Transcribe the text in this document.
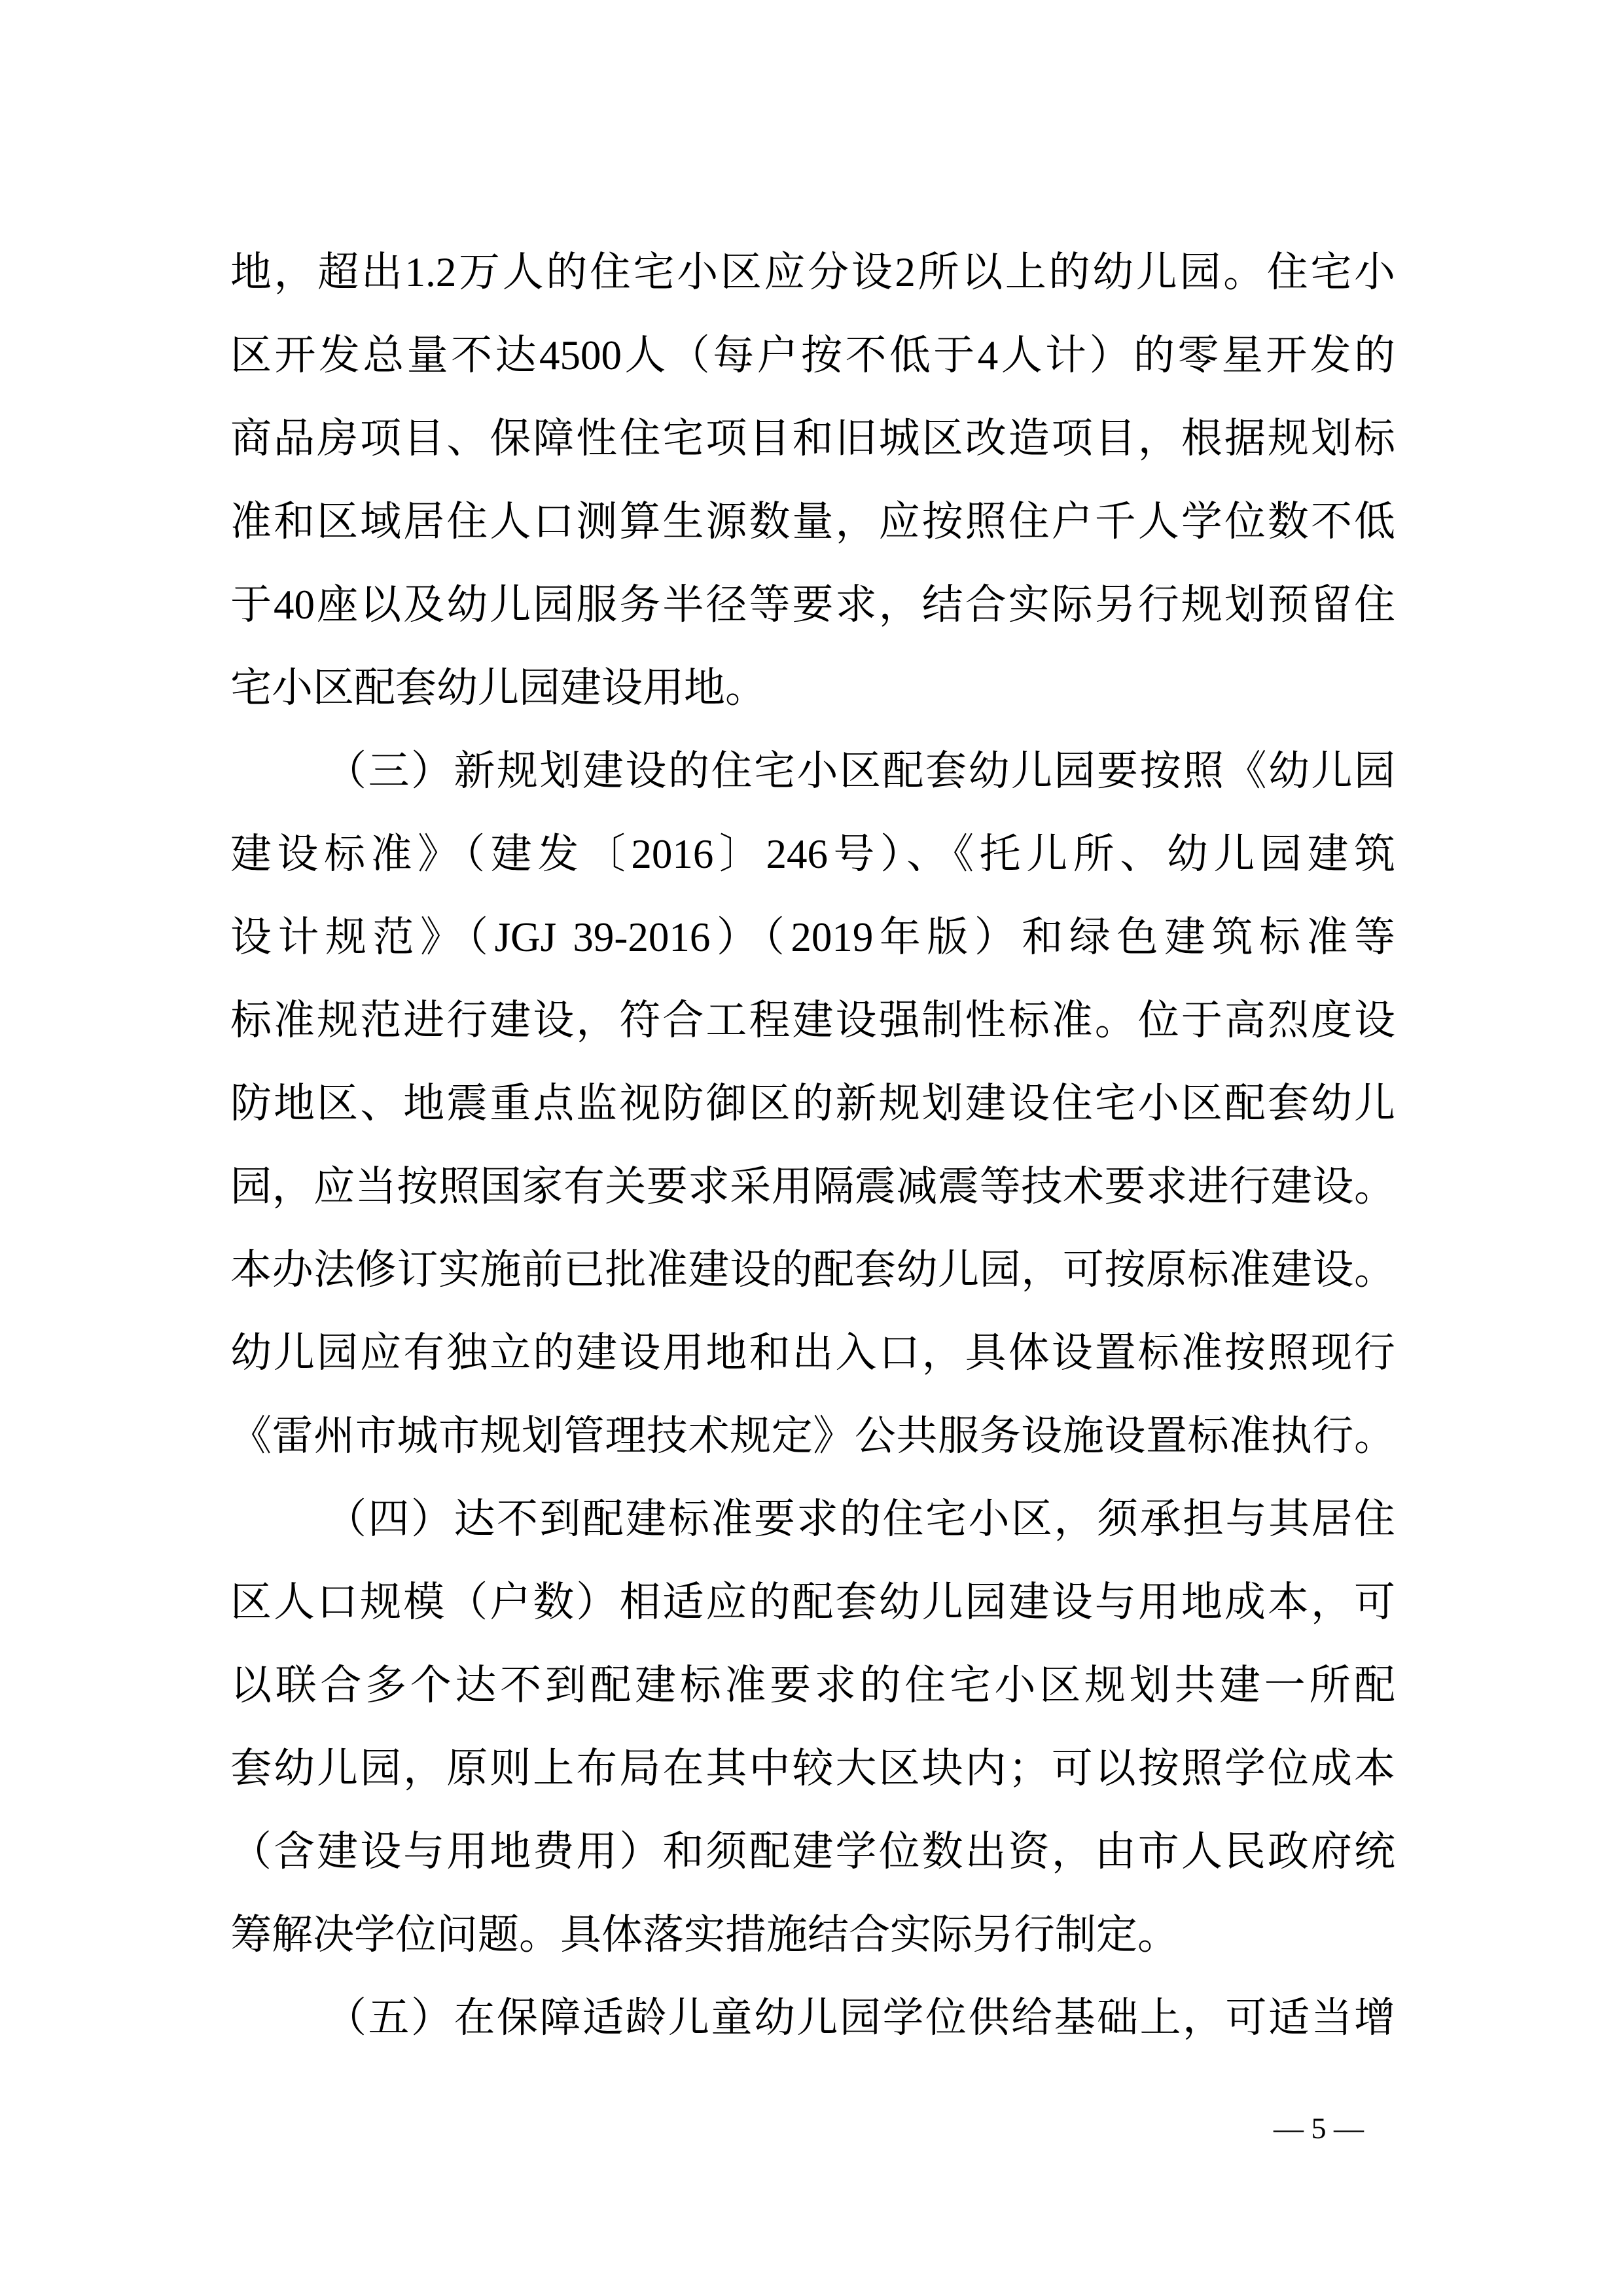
地，超出1.2万人的住宅小区应分设2所以上的幼儿园。住宅小
区开发总量不达4500人（每户按不低于4人计）的零星开发的
商品房项目、保障性住宅项目和旧城区改造项目，根据规划标
准和区域居住人口测算生源数量，应按照住户千人学位数不低
于40座以及幼儿园服务半径等要求，结合实际另行规划预留住
宅小区配套幼儿园建设用地。
（三）新规划建设的住宅小区配套幼儿园要按照《幼儿园
建设标准》（建发〔2016〕246号）、《托儿所、幼儿园建筑
设计规范》（JGJ 39-2016）（2019年版）和绿色建筑标准等
标准规范进行建设，符合工程建设强制性标准。位于高烈度设
防地区、地震重点监视防御区的新规划建设住宅小区配套幼儿
园，应当按照国家有关要求采用隔震减震等技术要求进行建设。
本办法修订实施前已批准建设的配套幼儿园，可按原标准建设。
幼儿园应有独立的建设用地和出入口，具体设置标准按照现行
《雷州市城市规划管理技术规定》公共服务设施设置标准执行。
（四）达不到配建标准要求的住宅小区，须承担与其居住
区人口规模（户数）相适应的配套幼儿园建设与用地成本，可
以联合多个达不到配建标准要求的住宅小区规划共建一所配
套幼儿园，原则上布局在其中较大区块内；可以按照学位成本
（含建设与用地费用）和须配建学位数出资，由市人民政府统
筹解决学位问题。具体落实措施结合实际另行制定。
（五）在保障适龄儿童幼儿园学位供给基础上，可适当增
— 5 —
